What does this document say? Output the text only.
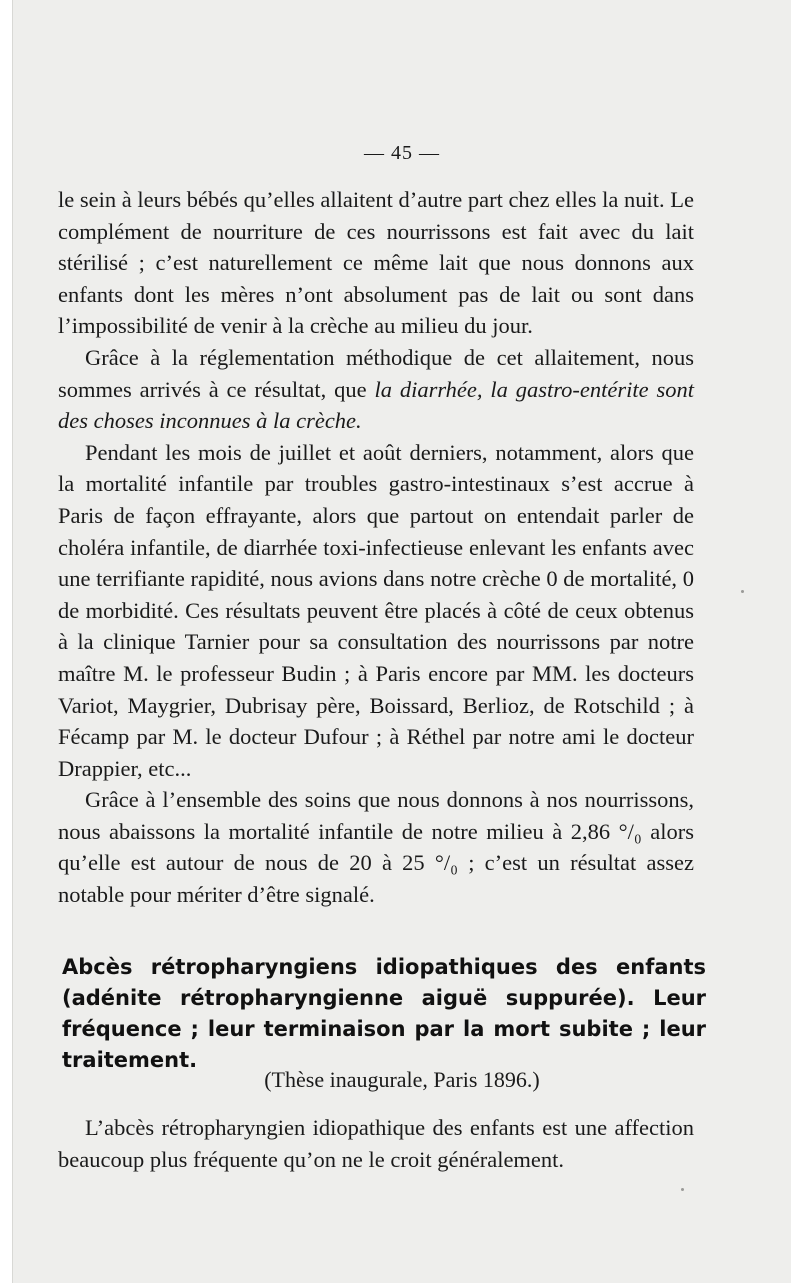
— 45 —

le sein à leurs bébés qu’elles allaitent d’autre part chez elles la nuit. Le complément de nourriture de ces nourrissons est fait avec du lait stérilisé ; c’est naturellement ce même lait que nous donnons aux enfants dont les mères n’ont absolument pas de lait ou sont dans l’impossibilité de venir à la crèche au milieu du jour.

Grâce à la réglementation méthodique de cet allaitement, nous sommes arrivés à ce résultat, que la diarrhée, la gastro-entérite sont des choses inconnues à la crèche.

Pendant les mois de juillet et août derniers, notamment, alors que la mortalité infantile par troubles gastro-intestinaux s’est accrue à Paris de façon effrayante, alors que partout on entendait parler de choléra infantile, de diarrhée toxi-infectieuse enlevant les enfants avec une terrifiante rapidité, nous avions dans notre crèche 0 de mortalité, 0 de morbidité. Ces résultats peuvent être placés à côté de ceux obtenus à la clinique Tarnier pour sa consultation des nourrissons par notre maître M. le professeur Budin ; à Paris encore par MM. les docteurs Variot, Maygrier, Dubrisay père, Boissard, Berlioz, de Rotschild ; à Fécamp par M. le docteur Dufour ; à Réthel par notre ami le docteur Drappier, etc...

Grâce à l’ensemble des soins que nous donnons à nos nourrissons, nous abaissons la mortalité infantile de notre milieu à 2,86 °/₀ alors qu’elle est autour de nous de 20 à 25 °/₀ ; c’est un résultat assez notable pour mériter d’être signalé.

Abcès rétropharyngiens idiopathiques des enfants (adénite rétropharyngienne aiguë suppurée). Leur fréquence ; leur terminaison par la mort subite ; leur traitement.
(Thèse inaugurale, Paris 1896.)

L’abcès rétropharyngien idiopathique des enfants est une affection beaucoup plus fréquente qu’on ne le croit généralement.
